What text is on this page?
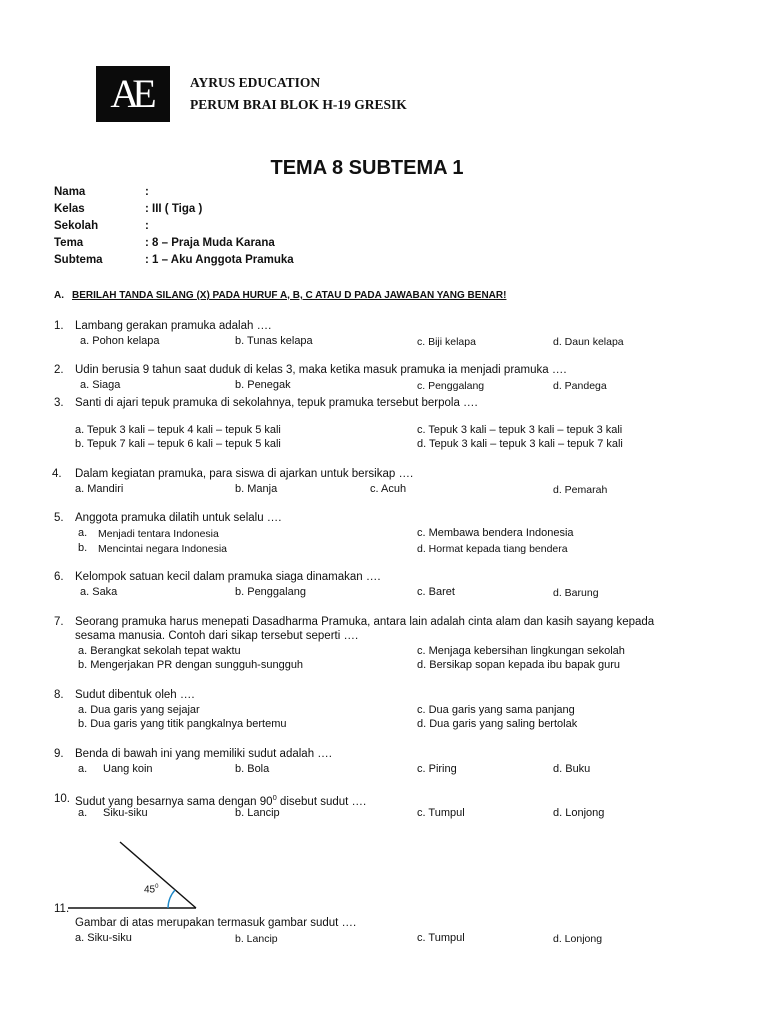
AE	AYRUS EDUCATION
PERUM BRAI BLOK H-19 GRESIK
TEMA 8 SUBTEMA 1
Nama	:
Kelas	: III ( Tiga )
Sekolah	:
Tema	: 8 – Praja Muda Karana
Subtema	: 1 – Aku Anggota Pramuka
A. BERILAH TANDA SILANG (X) PADA HURUF A, B, C ATAU D PADA JAWABAN YANG BENAR!
1. Lambang gerakan pramuka adalah ….
a. Pohon kelapa	b. Tunas kelapa	c. Biji kelapa	d. Daun kelapa
2. Udin berusia 9 tahun saat duduk di kelas 3, maka ketika masuk pramuka ia menjadi pramuka ….
a. Siaga	b. Penegak	c. Penggalang	d. Pandega
3. Santi di ajari tepuk pramuka di sekolahnya, tepuk pramuka tersebut berpola ….
a. Tepuk 3 kali – tepuk 4 kali – tepuk 5 kali
b. Tepuk 7 kali – tepuk 6 kali – tepuk 5 kali
c. Tepuk 3 kali – tepuk 3 kali – tepuk 3 kali
d. Tepuk 3 kali – tepuk 3 kali – tepuk 7 kali
4. Dalam kegiatan pramuka, para siswa di ajarkan untuk bersikap ….
a. Mandiri	b. Manja	c. Acuh	d. Pemarah
5. Anggota pramuka dilatih untuk selalu ….
a. Menjadi tentara Indonesia
b. Mencintai negara Indonesia
c. Membawa bendera Indonesia
d. Hormat kepada tiang bendera
6. Kelompok satuan kecil dalam pramuka siaga dinamakan ….
a. Saka	b. Penggalang	c. Baret	d. Barung
7. Seorang pramuka harus menepati Dasadharma Pramuka, antara lain adalah cinta alam dan kasih sayang kepada
sesama manusia. Contoh dari sikap tersebut seperti ….
a. Berangkat sekolah tepat waktu
b. Mengerjakan PR dengan sungguh-sungguh
c. Menjaga kebersihan lingkungan sekolah
d. Bersikap sopan kepada ibu bapak guru
8. Sudut dibentuk oleh ….
a. Dua garis yang sejajar
b. Dua garis yang titik pangkalnya bertemu
c. Dua garis yang sama panjang
d. Dua garis yang saling bertolak
9. Benda di bawah ini yang memiliki sudut adalah ….
a. Uang koin	b. Bola	c. Piring	d. Buku
10. Sudut yang besarnya sama dengan $90^0$ disebut sudut ….
a. Siku-siku	b. Lancip	c. Tumpul	d. Lonjong
$45^0$
11.
Gambar di atas merupakan termasuk gambar sudut ….
a. Siku-siku	b. Lancip	c. Tumpul	d. Lonjong
